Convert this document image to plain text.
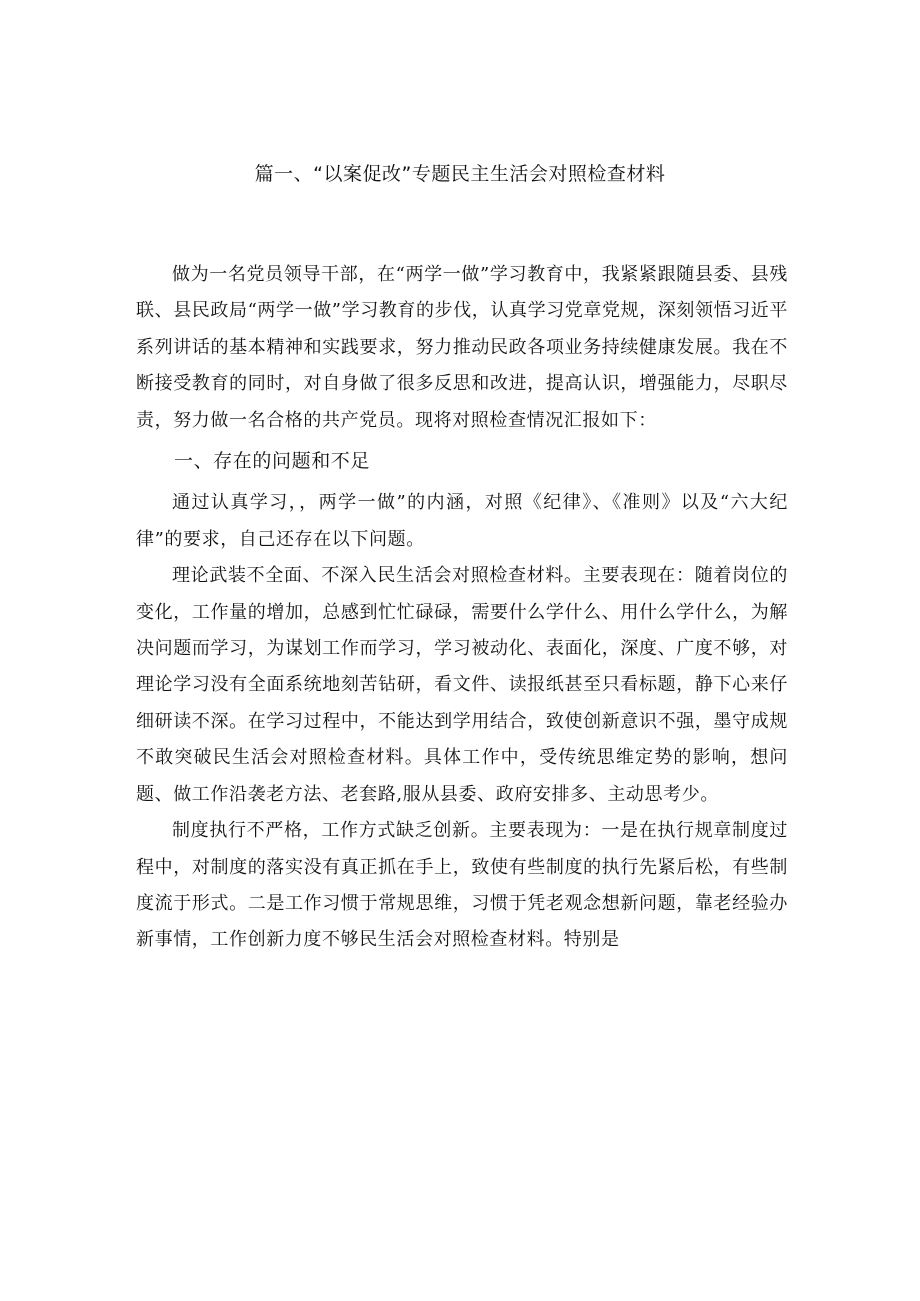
篇一、“以案促改”专题民主生活会对照检查材料

做为一名党员领导干部，在“两学一做”学习教育中，我紧紧跟随县委、县残联、县民政局“两学一做”学习教育的步伐，认真学习党章党规，深刻领悟习近平系列讲话的基本精神和实践要求，努力推动民政各项业务持续健康发展。我在不断接受教育的同时，对自身做了很多反思和改进，提高认识，增强能力，尽职尽责，努力做一名合格的共产党员。现将对照检查情况汇报如下：

一、存在的问题和不足

通过认真学习，，两学一做”的内涵，对照《纪律》、《准则》以及“六大纪律”的要求，自己还存在以下问题。

理论武装不全面、不深入民生活会对照检查材料。主要表现在：随着岗位的变化，工作量的增加，总感到忙忙碌碌，需要什么学什么、用什么学什么，为解决问题而学习，为谋划工作而学习，学习被动化、表面化，深度、广度不够，对理论学习没有全面系统地刻苦钻研，看文件、读报纸甚至只看标题，静下心来仔细研读不深。在学习过程中，不能达到学用结合，致使创新意识不强，墨守成规不敢突破民生活会对照检查材料。具体工作中，受传统思维定势的影响，想问题、做工作沿袭老方法、老套路,服从县委、政府安排多、主动思考少。

制度执行不严格，工作方式缺乏创新。主要表现为：一是在执行规章制度过程中，对制度的落实没有真正抓在手上，致使有些制度的执行先紧后松，有些制度流于形式。二是工作习惯于常规思维，习惯于凭老观念想新问题，靠老经验办新事情，工作创新力度不够民生活会对照检查材料。特别是
